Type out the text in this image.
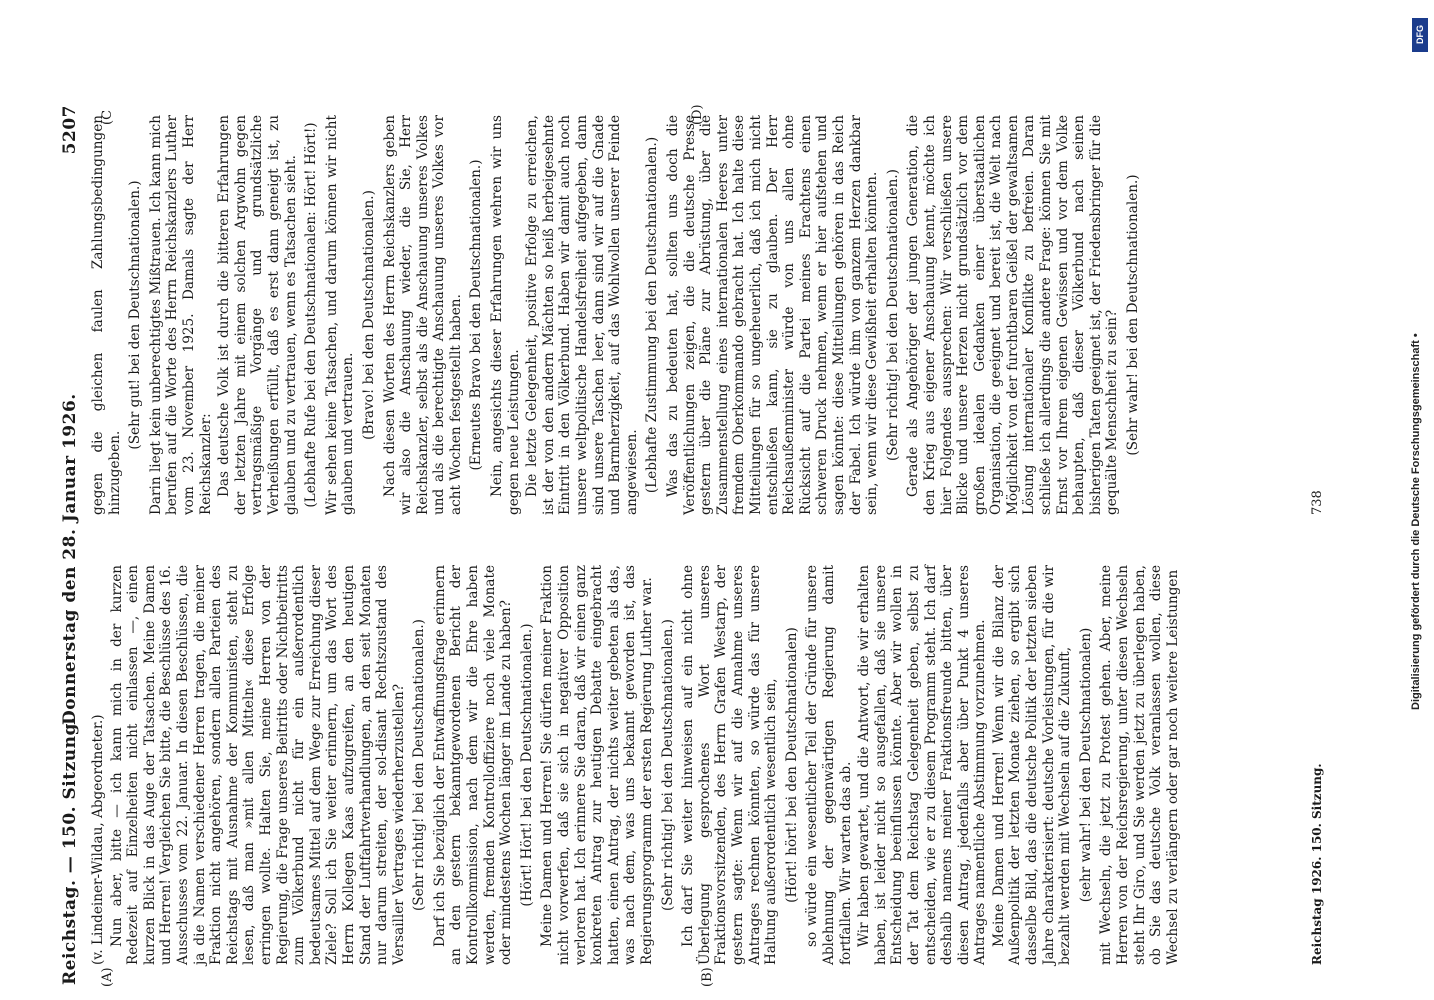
Reichstag. — 150. Sitzung.
Donnerstag den 28. Januar 1926.
5207

(v. Lindeiner-Wildau, Abgeordneter.) Nun aber, bitte — ich kann mich in der kurzen Redezeit auf Einzelheiten nicht einlassen —, einen kurzen Blick in das Auge der Tatsachen. Meine Damen und Herren! Vergleichen Sie bitte, die Beschlüsse des 16. Ausschusses vom 22. Januar. In diesen Beschlüssen, die ja die Namen verschiedener Herren tragen, die meiner Fraktion nicht angehören, sondern allen Parteien des Reichstags mit Ausnahme der Kommunisten, steht zu lesen, daß man »mit allen Mitteln« diese Erfolge erringen wollte. Halten Sie, meine Herren von der Regierung, die Frage unseres Beitritts oder Nichtbeitritts zum Völkerbund nicht für ein außerordentlich bedeutsames Mittel auf dem Wege zur Erreichung dieser Ziele? Soll ich Sie weiter erinnern, um das Wort des Herrn Kollegen Kaas aufzugreifen, an den heutigen Stand der Luftfahrtverhandlungen, an den seit Monaten nur darum streiten, der sol-disant Rechtszustand des Versailler Vertrages wiederherzustellen? (Sehr richtig! bei den Deutschnationalen.) Darf ich Sie bezüglich der Entwaffnungsfrage erinnern an den gestern bekanntgewordenen Bericht der Kontrollkommission, nach dem wir die Ehre haben werden, fremden Kontrolloffiziere noch viele Monate oder mindestens Wochen länger im Lande zu haben? (Hört! Hört! bei den Deutschnationalen.) Meine Damen und Herren! Sie dürfen meiner Fraktion nicht vorwerfen, daß sie sich in negativer Opposition verloren hat. Ich erinnere Sie daran, daß wir einen ganz konkreten Antrag zur heutigen Debatte eingebracht hatten, einen Antrag, der nichts weiter gebeten als das, was nach dem, was uns bekannt geworden ist, das Regierungsprogramm der ersten Regierung Luther war. (Sehr richtig! bei den Deutschnationalen.) Ich darf Sie weiter hinweisen auf ein nicht ohne Überlegung gesprochenes Wort unseres Fraktionsvorsitzenden, des Herrn Grafen Westarp, der gestern sagte: Wenn wir auf die Annahme unseres Antrages rechnen könnten, so würde das für unsere Haltung außerordentlich wesentlich sein, (Hört! hört! bei den Deutschnationalen) so würde ein wesentlicher Teil der Gründe für unsere Ablehnung der gegenwärtigen Regierung damit fortfallen. Wir warten das ab. Wir haben gewartet, und die Antwort, die wir erhalten haben, ist leider nicht so ausgefallen, daß sie unsere Entscheidung beeinflussen könnte. Aber wir wollen in der Tat dem Reichstag Gelegenheit geben, selbst zu entscheiden, wie er zu diesem Programm steht. Ich darf deshalb namens meiner Fraktionsfreunde bitten, über diesen Antrag, jedenfalls aber über Punkt 4 unseres Antrages namentliche Abstimmung vorzunehmen. Meine Damen und Herren! Wenn wir die Bilanz der Außenpolitik der letzten Monate ziehen, so ergibt sich dasselbe Bild, das die deutsche Politik der letzten sieben Jahre charakterisiert: deutsche Vorleistungen, für die wir bezahlt werden mit Wechseln auf die Zukunft, (sehr wahr! bei den Deutschnationalen) mit Wechseln, die jetzt zu Protest gehen. Aber, meine Herren von der Reichsregierung, unter diesen Wechseln steht Ihr Giro, und Sie werden jetzt zu überlegen haben, ob Sie das deutsche Volk veranlassen wollen, diese Wechsel zu verlängern oder gar noch weitere Leistungen

gegen die gleichen faulen Zahlungsbedingungen hinzugeben.

(Sehr gut! bei den Deutschnationalen.) Darin liegt kein unberechtigtes Mißtrauen. Ich kann mich berufen auf die Worte des Herrn Reichskanzlers Luther vom 23. November 1925. Damals sagte der Herr Reichskanzler: Das deutsche Volk ist durch die bitteren Erfahrungen der letzten Jahre mit einem solchen Argwohn gegen vertragsmäßige Vorgänge und grundsätzliche Verheißungen erfüllt, daß es erst dann geneigt ist, zu glauben und zu vertrauen, wenn es Tatsachen sieht. (Lebhafte Rufe bei den Deutschnationalen: Hört! Hört!) Wir sehen keine Tatsachen, und darum können wir nicht glauben und vertrauen. (Bravo! bei den Deutschnationalen.) Nach diesen Worten des Herrn Reichskanzlers geben wir also die Anschauung wieder, die Sie, Herr Reichskanzler, selbst als die Anschauung unseres Volkes und als die berechtigte Anschauung unseres Volkes vor acht Wochen festgestellt haben. (Erneutes Bravo bei den Deutschnationalen.) Nein, angesichts dieser Erfahrungen wehren wir uns gegen neue Leistungen. Die letzte Gelegenheit, positive Erfolge zu erreichen, ist der von den andern Mächten so heiß herbeigesehnte Eintritt in den Völkerbund. Haben wir damit auch noch unsere weltpolitische Handelsfreiheit aufgegeben, dann sind unsere Taschen leer, dann sind wir auf die Gnade und Barmherzigkeit, auf das Wohlwollen unserer Feinde angewiesen. (Lebhafte Zustimmung bei den Deutschnationalen.) Was das zu bedeuten hat, sollten uns doch die Veröffentlichungen zeigen, die die deutsche Presse gestern über die Pläne zur Abrüstung, über die Zusammenstellung eines internationalen Heeres unter fremdem Oberkommando gebracht hat. Ich halte diese Mitteilungen für so ungeheuerlich, daß ich mich nicht entschließen kann, sie zu glauben. Der Herr Reichsaußenminister würde von uns allen ohne Rücksicht auf die Partei meines Erachtens einen schweren Druck nehmen, wenn er hier aufstehen und sagen könnte: diese Mitteilungen gehören in das Reich der Fabel. Ich würde ihm von ganzem Herzen dankbar sein, wenn wir diese Gewißheit erhalten könnten. (Sehr richtig! bei den Deutschnationalen.) Gerade als Angehöriger der jungen Generation, die den Krieg aus eigener Anschauung kennt, möchte ich hier Folgendes aussprechen: Wir verschließen unsere Blicke und unsere Herzen nicht grundsätzlich vor dem großen idealen Gedanken einer überstaatlichen Organisation, die geeignet und bereit ist, die Welt nach Möglichkeit von der furchtbaren Geißel der gewaltsamen Lösung internationaler Konflikte zu befreien. Daran schließe ich allerdings die andere Frage: können Sie mit Ernst vor Ihrem eigenen Gewissen und vor dem Volke behaupten, daß dieser Völkerbund nach seinen bisherigen Taten geeignet ist, der Friedensbringer für die gequälte Menschheit zu sein? (Sehr wahr! bei den Deutschnationalen.)

(A)	(B)
(C	(D)
Reichstag 1926. 150. Sitzung.
738
DFG
Digitalisierung gefördert durch die Deutsche Forschungsgemeinschaft •
